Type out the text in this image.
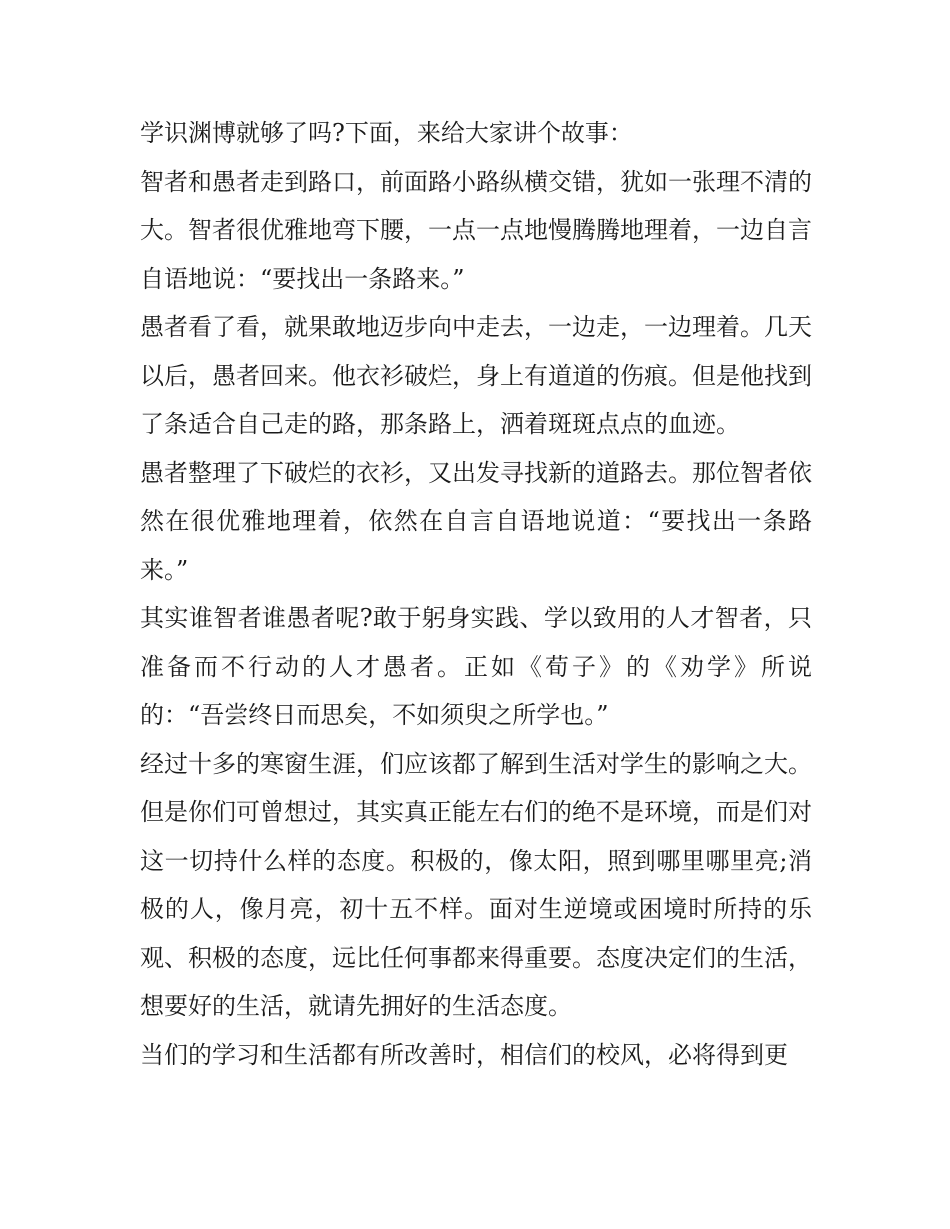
学识渊博就够了吗?下面，来给大家讲个故事：

智者和愚者走到路口，前面路小路纵横交错，犹如一张理不清的大。智者很优雅地弯下腰，一点一点地慢腾腾地理着，一边自言自语地说：“要找出一条路来。”

愚者看了看，就果敢地迈步向中走去，一边走，一边理着。几天以后，愚者回来。他衣衫破烂，身上有道道的伤痕。但是他找到了条适合自己走的路，那条路上，洒着斑斑点点的血迹。

愚者整理了下破烂的衣衫，又出发寻找新的道路去。那位智者依然在很优雅地理着，依然在自言自语地说道：“要找出一条路来。”

其实谁智者谁愚者呢?敢于躬身实践、学以致用的人才智者，只准备而不行动的人才愚者。正如《荀子》的《劝学》所说的：“吾尝终日而思矣，不如须臾之所学也。”

经过十多的寒窗生涯，们应该都了解到生活对学生的影响之大。但是你们可曾想过，其实真正能左右们的绝不是环境，而是们对这一切持什么样的态度。积极的，像太阳，照到哪里哪里亮;消极的人，像月亮，初十五不样。面对生逆境或困境时所持的乐观、积极的态度，远比任何事都来得重要。态度决定们的生活，想要好的生活，就请先拥好的生活态度。

当们的学习和生活都有所改善时，相信们的校风，必将得到更
